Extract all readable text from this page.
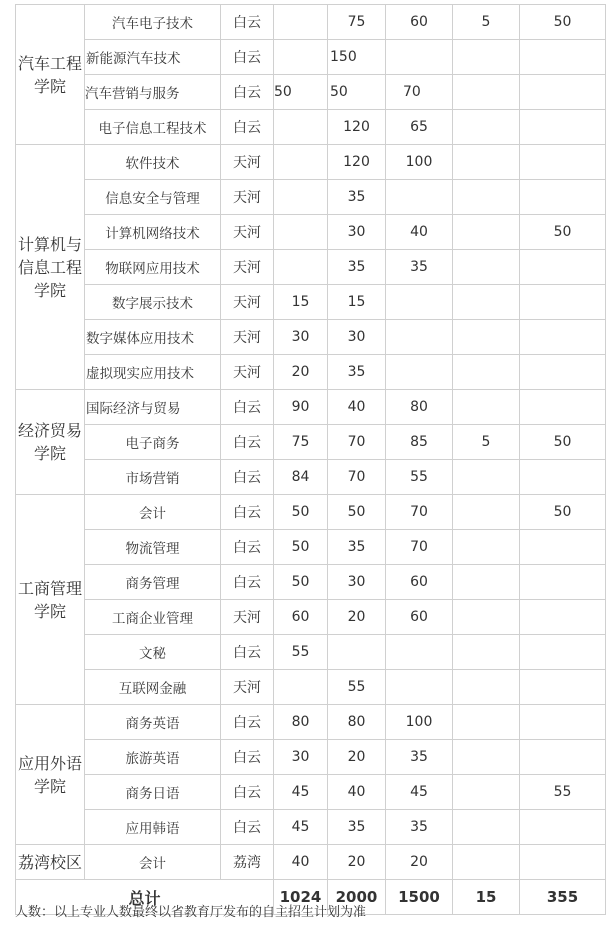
汽车工程学院	汽车电子技术	白云		75	60	5	50
	新能源汽车技术	白云		150			
	汽车营销与服务	白云	50	50	70		
	电子信息工程技术	白云		120	65		
计算机与信息工程学院	软件技术	天河		120	100		
	信息安全与管理	天河		35			
	计算机网络技术	天河		30	40		50
	物联网应用技术	天河		35	35		
	数字展示技术	天河	15	15			
	数字媒体应用技术	天河	30	30			
	虚拟现实应用技术	天河	20	35			
经济贸易学院	国际经济与贸易	白云	90	40	80		
	电子商务	白云	75	70	85	5	50
	市场营销	白云	84	70	55		
工商管理学院	会计	白云	50	50	70		50
	物流管理	白云	50	35	70		
	商务管理	白云	50	30	60		
	工商企业管理	天河	60	20	60		
	文秘	白云	55				
	互联网金融	天河		55			
应用外语学院	商务英语	白云	80	80	100		
	旅游英语	白云	30	20	35		
	商务日语	白云	45	40	45		55
	应用韩语	白云	45	35	35		
荔湾校区	会计	荔湾	40	20	20		
总计			1024	2000	1500	15	355
人数：以上专业人数最终以省教育厅发布的自主招生计划为准
